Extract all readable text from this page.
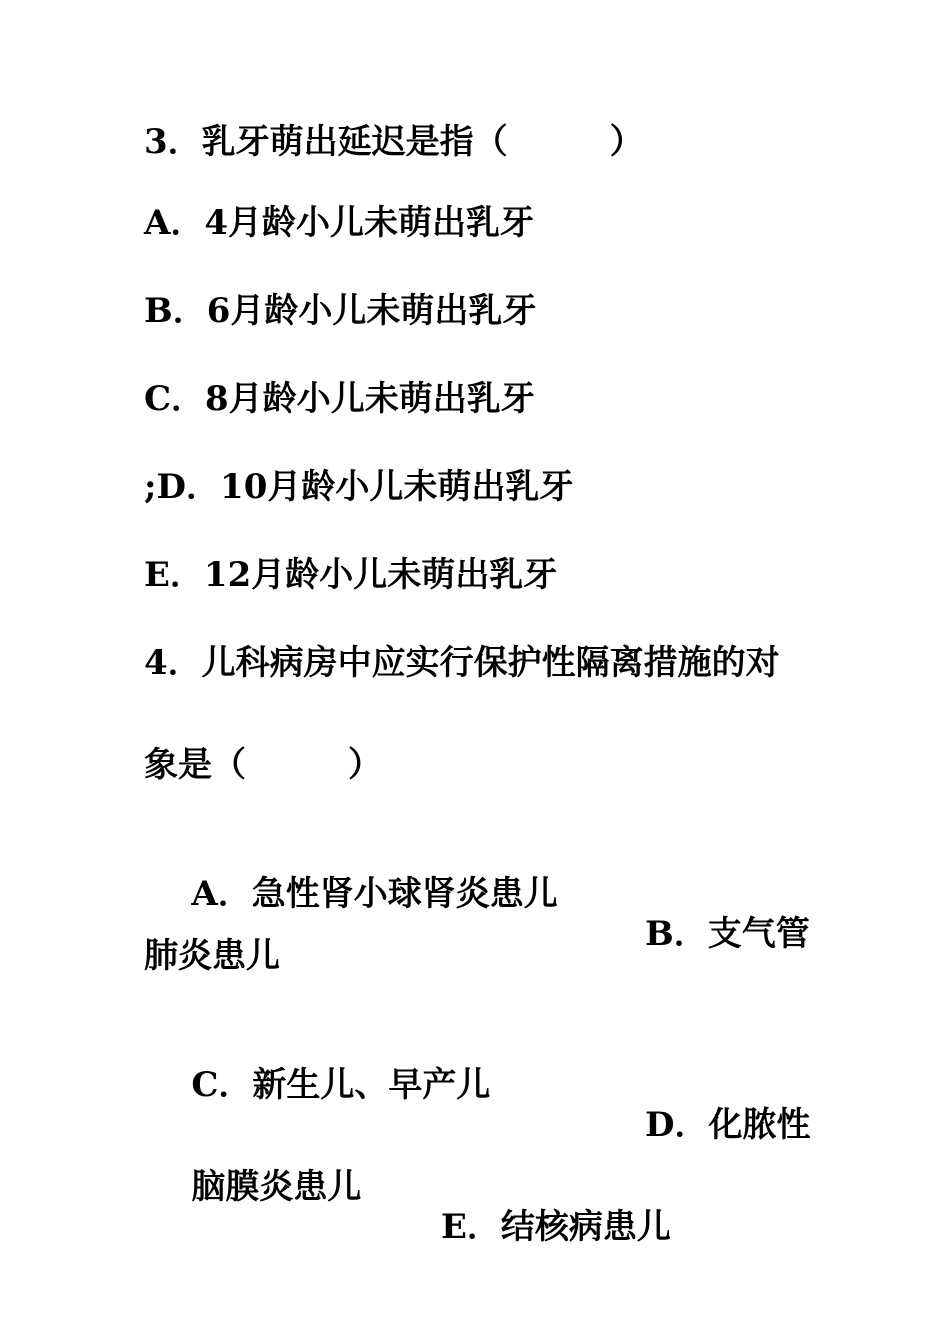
3．乳牙萌出延迟是指（　　　）
A．4月龄小儿未萌出乳牙
B．6月龄小儿未萌出乳牙
C．8月龄小儿未萌出乳牙
;D．10月龄小儿未萌出乳牙
E．12月龄小儿未萌出乳牙
4．儿科病房中应实行保护性隔离措施的对
象是（　　　）

A．急性肾小球肾炎患儿

B．支气管

肺炎患儿

C．新生儿、早产儿

D．化脓性

脑膜炎患儿

E．结核病患儿
